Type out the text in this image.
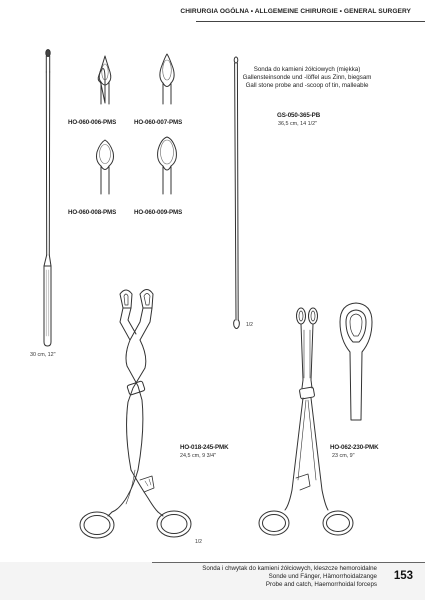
CHIRURGIA OGÓLNA • ALLGEMEINE CHIRURGIE • GENERAL SURGERY
30 cm, 12"
HO-060-006-PMS	HO-060-007-PMS
HO-060-008-PMS	HO-060-009-PMS
Sonda do kamieni żółciowych (miękka)
Gallensteinsonde und -löffel aus Zinn, biegsam
Gall stone probe and -scoop of tin, malleable
GS-050-365-PB
36,5 cm, 14 1/2"
1/2
HO-018-245-PMK
24,5 cm, 9 3/4"
1/2
HO-062-230-PMK
23 cm, 9"
Sonda i chwytak do kamieni żółciowych, kleszcze hemoroidalne
Sonde und Fänger, Hämorrhoidalzange
Probe and catch, Haemorrhoidal forceps
153
